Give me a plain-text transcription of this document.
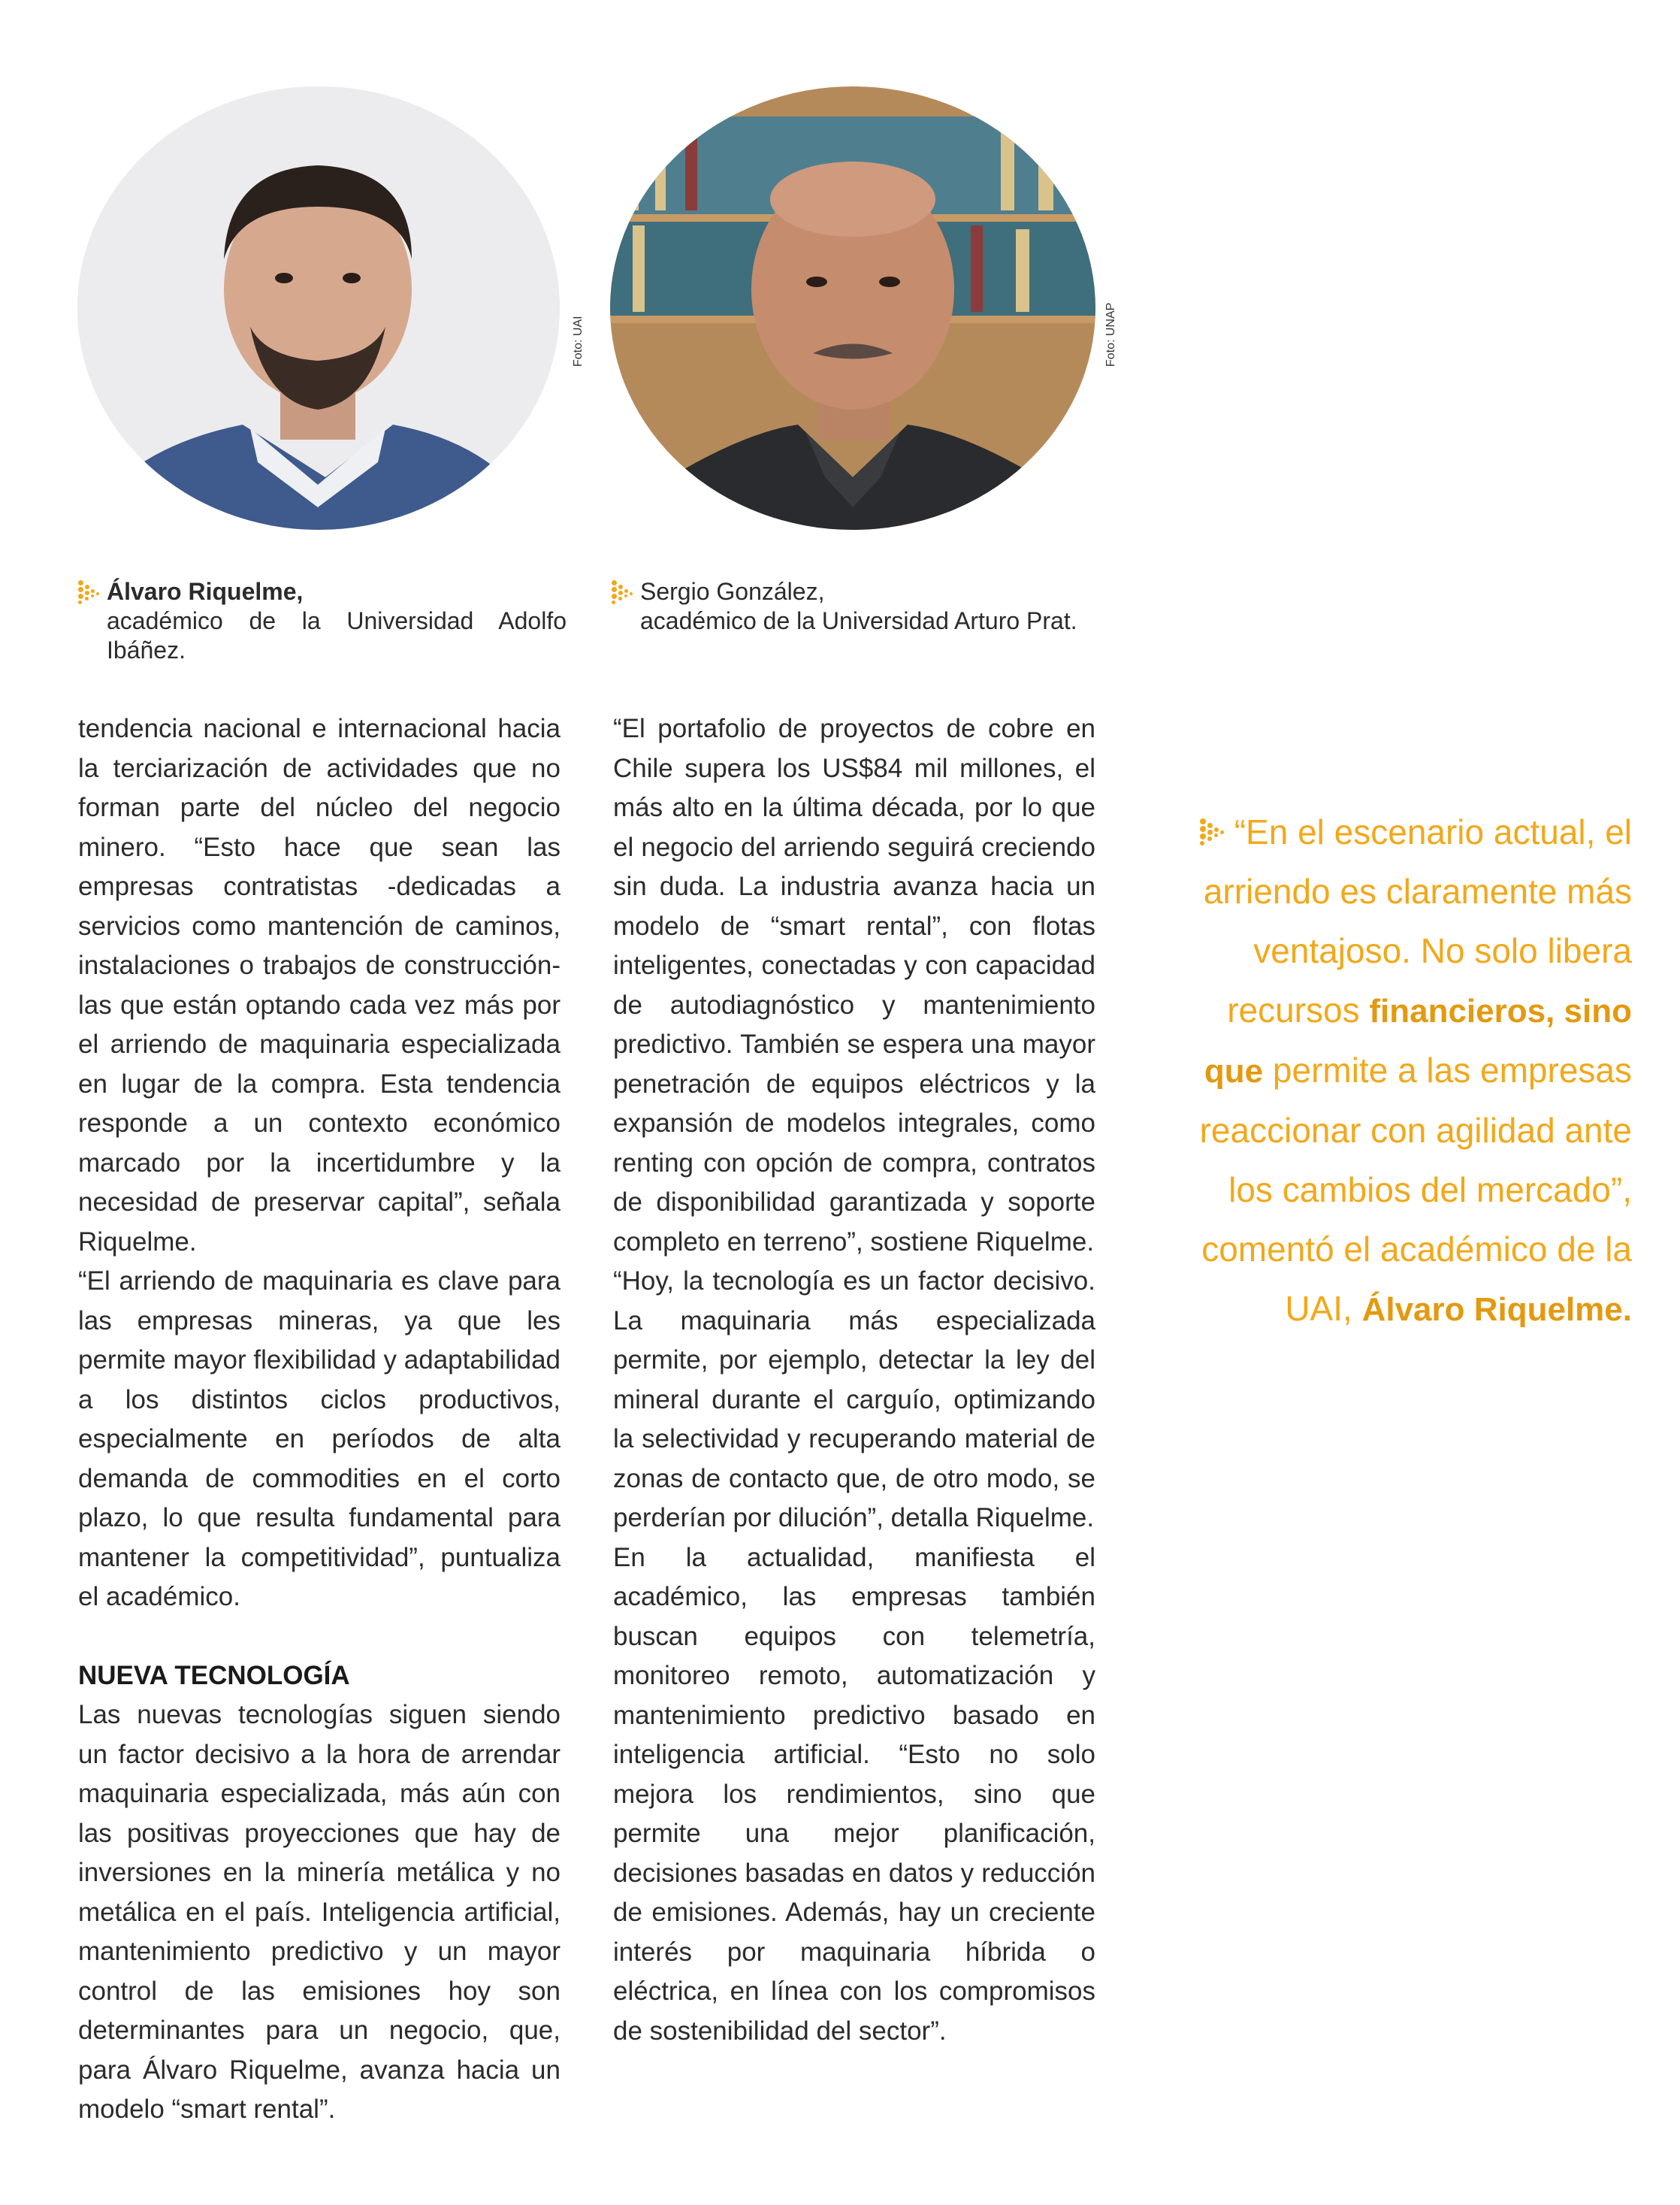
Foto: UAI	Foto: UNAP
Álvaro Riquelme,
académico de la Universidad Adolfo
Ibáñez.
Sergio González,
académico de la Universidad Arturo Prat.

tendencia nacional e internacional hacia la terciarización de actividades que no forman parte del núcleo del negocio minero. “Esto hace que sean las empresas contratistas -dedicadas a servicios como mantención de caminos, instalaciones o trabajos de construcción- las que están optando cada vez más por el arriendo de maquinaria especializada en lugar de la compra. Esta tendencia responde a un contexto económico marcado por la incertidumbre y la necesidad de preservar capital”, señala Riquelme.

“El arriendo de maquinaria es clave para las empresas mineras, ya que les permite mayor flexibilidad y adaptabilidad a los distintos ciclos productivos, especialmente en períodos de alta demanda de commodities en el corto plazo, lo que resulta fundamental para mantener la competitividad”, puntualiza el académico.

NUEVA TECNOLOGÍA

Las nuevas tecnologías siguen siendo un factor decisivo a la hora de arrendar maquinaria especializada, más aún con las positivas proyecciones que hay de inversiones en la minería metálica y no metálica en el país. Inteligencia artificial, mantenimiento predictivo y un mayor control de las emisiones hoy son determinantes para un negocio, que, para Álvaro Riquelme, avanza hacia un modelo “smart rental”.

“El portafolio de proyectos de cobre en Chile supera los US$84 mil millones, el más alto en la última década, por lo que el negocio del arriendo seguirá creciendo sin duda. La industria avanza hacia un modelo de “smart rental”, con flotas inteligentes, conectadas y con capacidad de autodiagnóstico y mantenimiento predictivo. También se espera una mayor penetración de equipos eléctricos y la expansión de modelos integrales, como renting con opción de compra, contratos de disponibilidad garantizada y soporte completo en terreno”, sostiene Riquelme.

“Hoy, la tecnología es un factor decisivo. La maquinaria más especializada permite, por ejemplo, detectar la ley del mineral durante el carguío, optimizando la selectividad y recuperando material de zonas de contacto que, de otro modo, se perderían por dilución”, detalla Riquelme.

En la actualidad, manifiesta el académico, las empresas también buscan equipos con telemetría, monitoreo remoto, automatización y mantenimiento predictivo basado en inteligencia artificial. “Esto no solo mejora los rendimientos, sino que permite una mejor planificación, decisiones basadas en datos y reducción de emisiones. Además, hay un creciente interés por maquinaria híbrida o eléctrica, en línea con los compromisos de sostenibilidad del sector”.

“En el escenario actual, el arriendo es claramente más ventajoso. No solo libera recursos financieros, sino que permite a las empresas reaccionar con agilidad ante los cambios del mercado”, comentó el académico de la UAI, Álvaro Riquelme.
